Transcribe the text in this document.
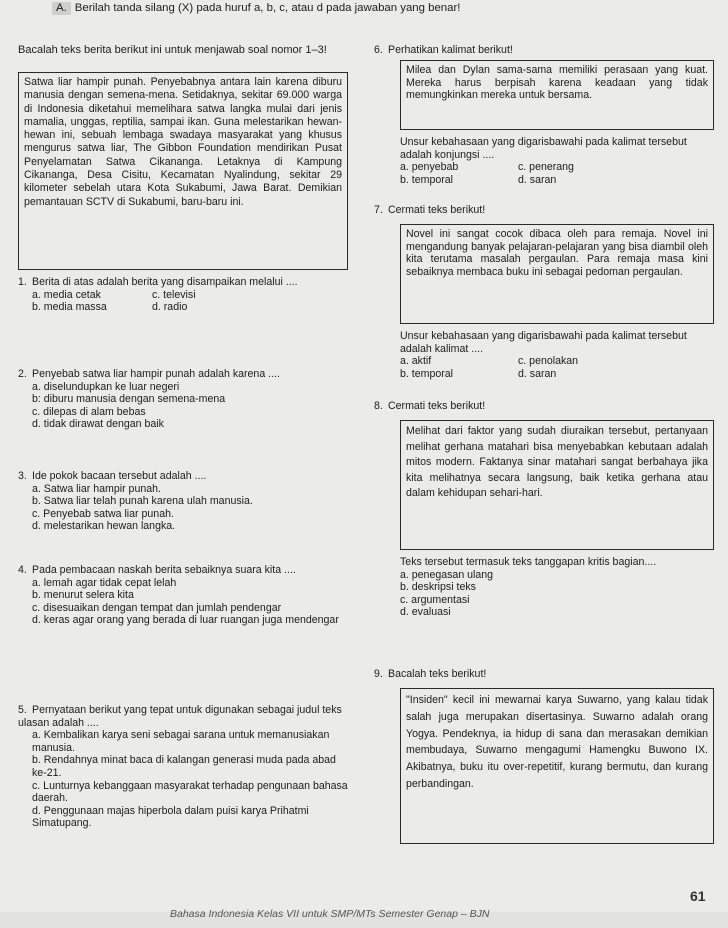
A. Berilah tanda silang (X) pada huruf a, b, c, atau d pada jawaban yang benar!
Bacalah teks berita berikut ini untuk menjawab soal nomor 1–3!

Satwa liar hampir punah. Penyebabnya antara lain karena diburu manusia dengan semena-mena. Setidaknya, sekitar 69.000 warga di Indonesia diketahui memelihara satwa langka mulai dari jenis mamalia, unggas, reptilia, sampai ikan. Guna melestarikan hewan-hewan ini, sebuah lembaga swadaya masyarakat yang khusus mengurus satwa liar, The Gibbon Foundation mendirikan Pusat Penyelamatan Satwa Cikananga. Letaknya di Kampung Cikananga, Desa Cisitu, Kecamatan Nyalindung, sekitar 29 kilometer sebelah utara Kota Sukabumi, Jawa Barat. Demikian pemantauan SCTV di Sukabumi, baru-baru ini.

1. Berita di atas adalah berita yang disampaikan melalui ....

a. media cetak	c. televisi
b. media massa	d. radio

2. Penyebab satwa liar hampir punah adalah karena ....

a. diselundupkan ke luar negeri

b: diburu manusia dengan semena-mena

c. dilepas di alam bebas

d. tidak dirawat dengan baik

3. Ide pokok bacaan tersebut adalah ....

a. Satwa liar hampir punah.

b. Satwa liar telah punah karena ulah manusia.

c. Penyebab satwa liar punah.

d. melestarikan hewan langka.

4. Pada pembacaan naskah berita sebaiknya suara kita ....

a. lemah agar tidak cepat lelah

b. menurut selera kita

c. disesuaikan dengan tempat dan jumlah pendengar

d. keras agar orang yang berada di luar ruangan juga mendengar

5. Pernyataan berikut yang tepat untuk digunakan sebagai judul teks ulasan adalah ....

a. Kembalikan karya seni sebagai sarana untuk memanusiakan manusia.

b. Rendahnya minat baca di kalangan generasi muda pada abad ke-21.

c. Lunturnya kebanggaan masyarakat terhadap pengunaan bahasa daerah.

d. Penggunaan majas hiperbola dalam puisi karya Prihatmi Simatupang.

6. Perhatikan kalimat berikut!

Milea dan Dylan sama-sama memiliki perasaan yang kuat. Mereka harus berpisah karena keadaan yang tidak memungkinkan mereka untuk bersama.

Unsur kebahasaan yang digarisbawahi pada kalimat tersebut adalah konjungsi ....

a. penyebab	c. penerang
b. temporal	d. saran

7. Cermati teks berikut!

Novel ini sangat cocok dibaca oleh para remaja. Novel ini mengandung banyak pelajaran-pelajaran yang bisa diambil oleh kita terutama masalah pergaulan. Para remaja masa kini sebaiknya membaca buku ini sebagai pedoman pergaulan.

Unsur kebahasaan yang digarisbawahi pada kalimat tersebut adalah kalimat ....

a. aktif	c. penolakan
b. temporal	d. saran

8. Cermati teks berikut!

Melihat dari faktor yang sudah diuraikan tersebut, pertanyaan melihat gerhana matahari bisa menyebabkan kebutaan adalah mitos modern. Faktanya sinar matahari sangat berbahaya jika kita melihatnya secara langsung, baik ketika gerhana atau dalam kehidupan sehari-hari.

Teks tersebut termasuk teks tanggapan kritis bagian....

a. penegasan ulang

b. deskripsi teks

c. argumentasi

d. evaluasi

9. Bacalah teks berikut!

"Insiden" kecil ini mewarnai karya Suwarno, yang kalau tidak salah juga merupakan disertasinya. Suwarno adalah orang Yogya. Pendeknya, ia hidup di sana dan merasakan demikian membudaya, Suwarno mengagumi Hamengku Buwono IX. Akibatnya, buku itu over-repetitif, kurang bermutu, dan kurang perbandingan.

Bahasa Indonesia Kelas VII untuk SMP/MTs Semester Genap – BJN
61
